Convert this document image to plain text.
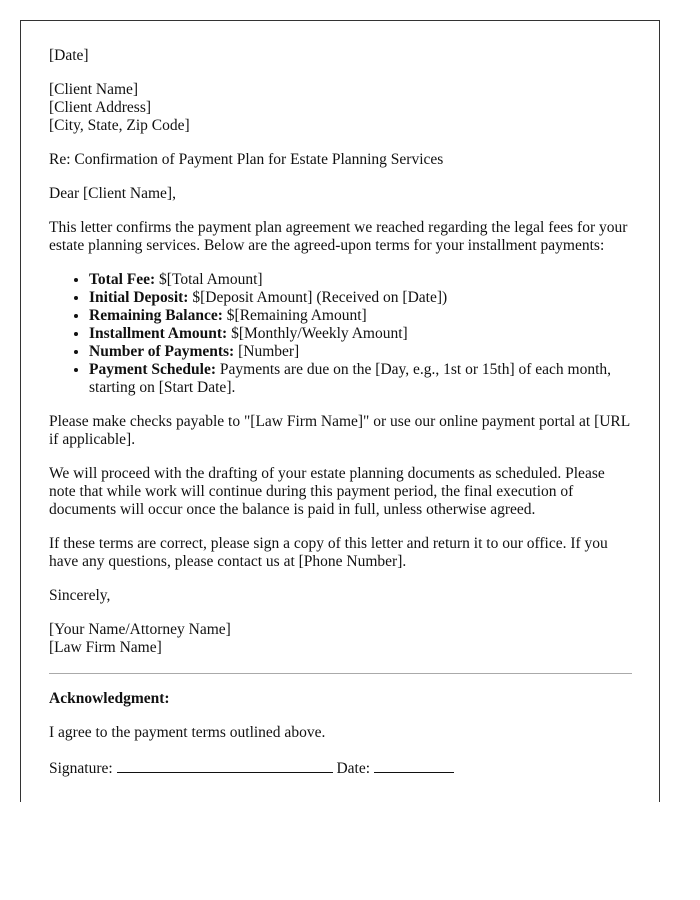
[Date]

[Client Name]
[Client Address]
[City, State, Zip Code]

Re: Confirmation of Payment Plan for Estate Planning Services

Dear [Client Name],

This letter confirms the payment plan agreement we reached regarding the legal fees for your estate planning services. Below are the agreed-upon terms for your installment payments:

• Total Fee: $[Total Amount]
• Initial Deposit: $[Deposit Amount] (Received on [Date])
• Remaining Balance: $[Remaining Amount]
• Installment Amount: $[Monthly/Weekly Amount]
• Number of Payments: [Number]
• Payment Schedule: Payments are due on the [Day, e.g., 1st or 15th] of each month, starting on [Start Date].

Please make checks payable to "[Law Firm Name]" or use our online payment portal at [URL if applicable].

We will proceed with the drafting of your estate planning documents as scheduled. Please note that while work will continue during this payment period, the final execution of documents will occur once the balance is paid in full, unless otherwise agreed.

If these terms are correct, please sign a copy of this letter and return it to our office. If you have any questions, please contact us at [Phone Number].

Sincerely,

[Your Name/Attorney Name]
[Law Firm Name]

Acknowledgment:

I agree to the payment terms outlined above.

Signature:	Date:
